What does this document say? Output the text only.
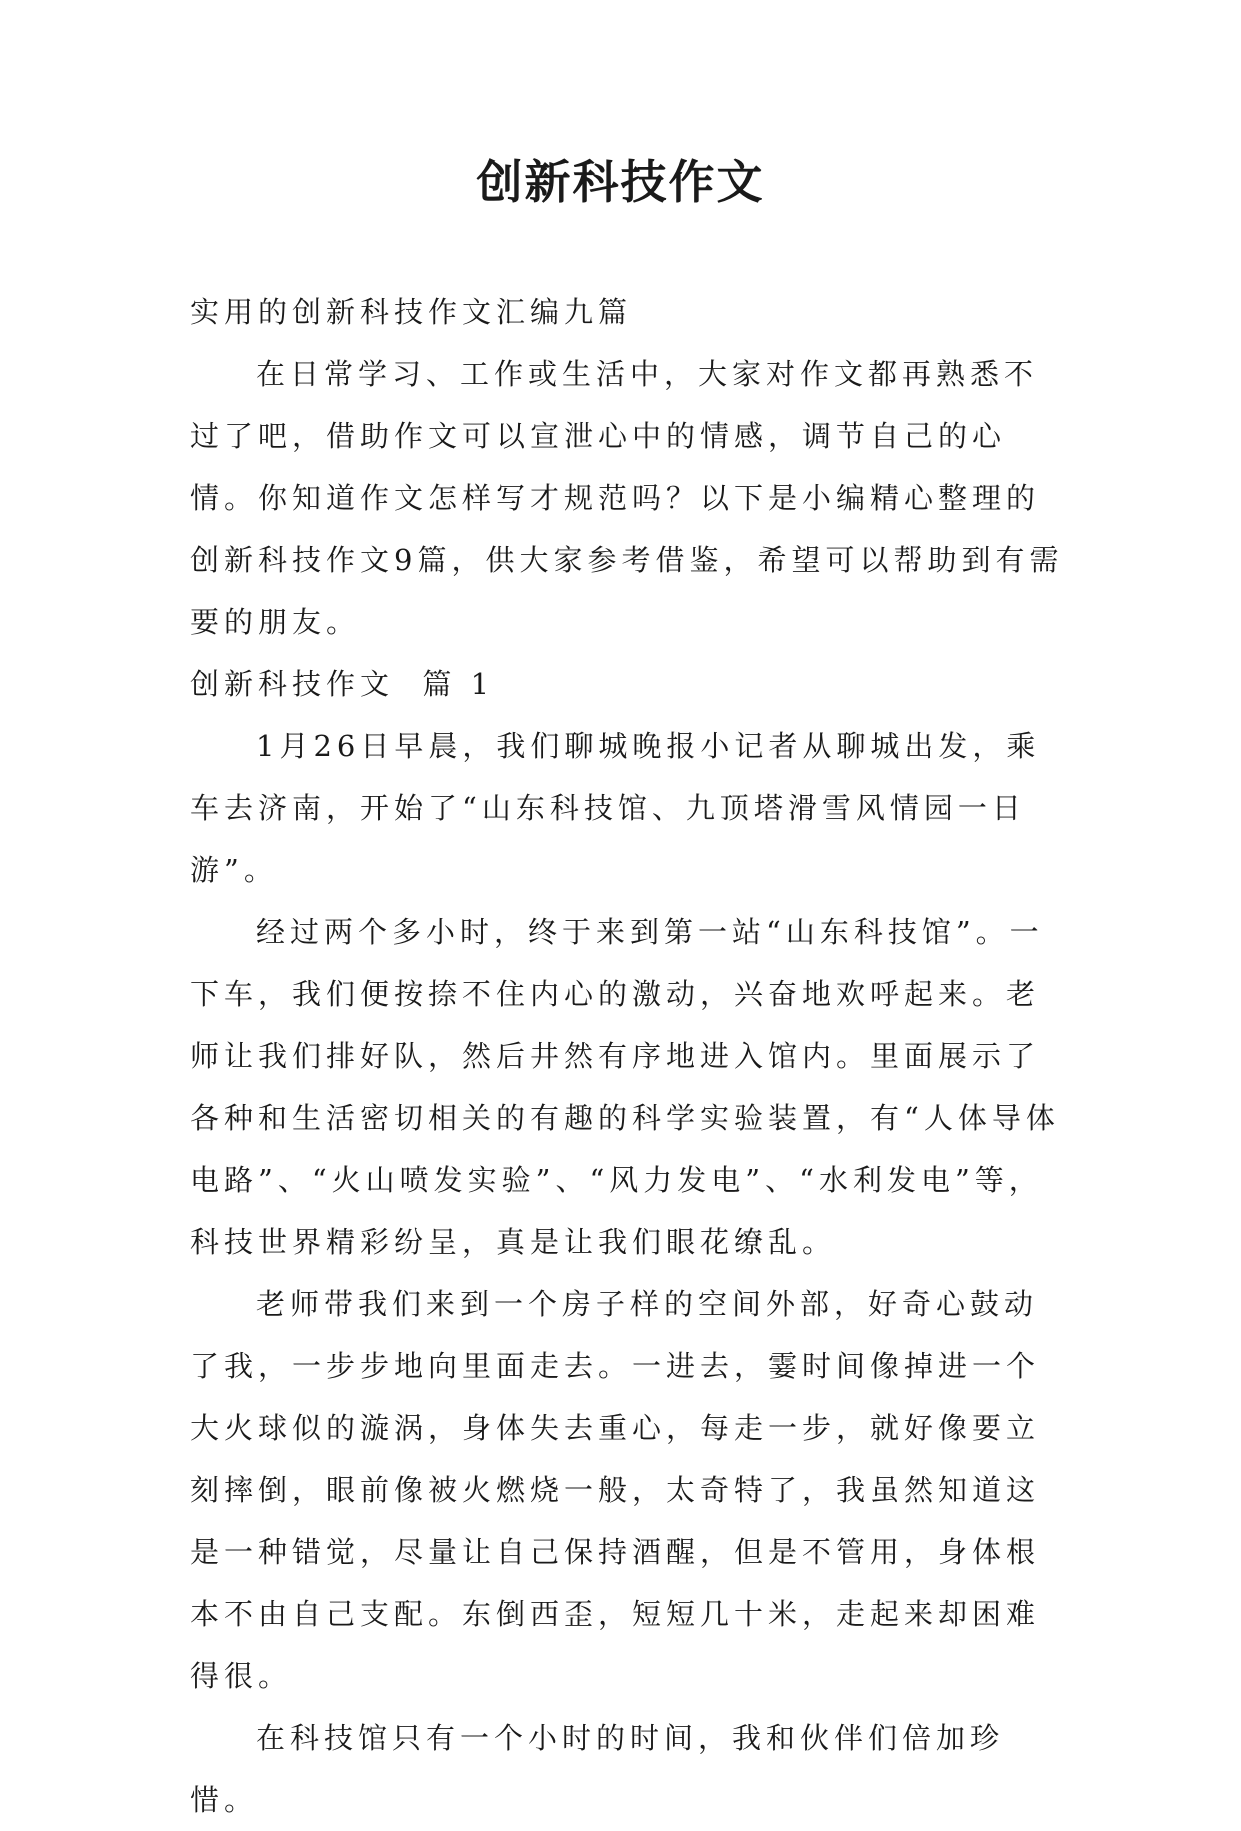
创新科技作文

实用的创新科技作文汇编九篇

在日常学习、工作或生活中，大家对作文都再熟悉不过了吧，借助作文可以宣泄心中的情感，调节自己的心情。你知道作文怎样写才规范吗？以下是小编精心整理的创新科技作文9篇，供大家参考借鉴，希望可以帮助到有需要的朋友。

创新科技作文  篇 1

1月26日早晨，我们聊城晚报小记者从聊城出发，乘车去济南，开始了“山东科技馆、九顶塔滑雪风情园一日游”。

经过两个多小时，终于来到第一站“山东科技馆”。一下车，我们便按捺不住内心的激动，兴奋地欢呼起来。老师让我们排好队，然后井然有序地进入馆内。里面展示了各种和生活密切相关的有趣的科学实验装置，有“人体导体电路”、“火山喷发实验”、“风力发电”、“水利发电”等，科技世界精彩纷呈，真是让我们眼花缭乱。

老师带我们来到一个房子样的空间外部，好奇心鼓动了我，一步步地向里面走去。一进去，霎时间像掉进一个大火球似的漩涡，身体失去重心，每走一步，就好像要立刻摔倒，眼前像被火燃烧一般，太奇特了，我虽然知道这是一种错觉，尽量让自己保持酒醒，但是不管用，身体根本不由自己支配。东倒西歪，短短几十米，走起来却困难得很。

在科技馆只有一个小时的时间，我和伙伴们倍加珍惜。
